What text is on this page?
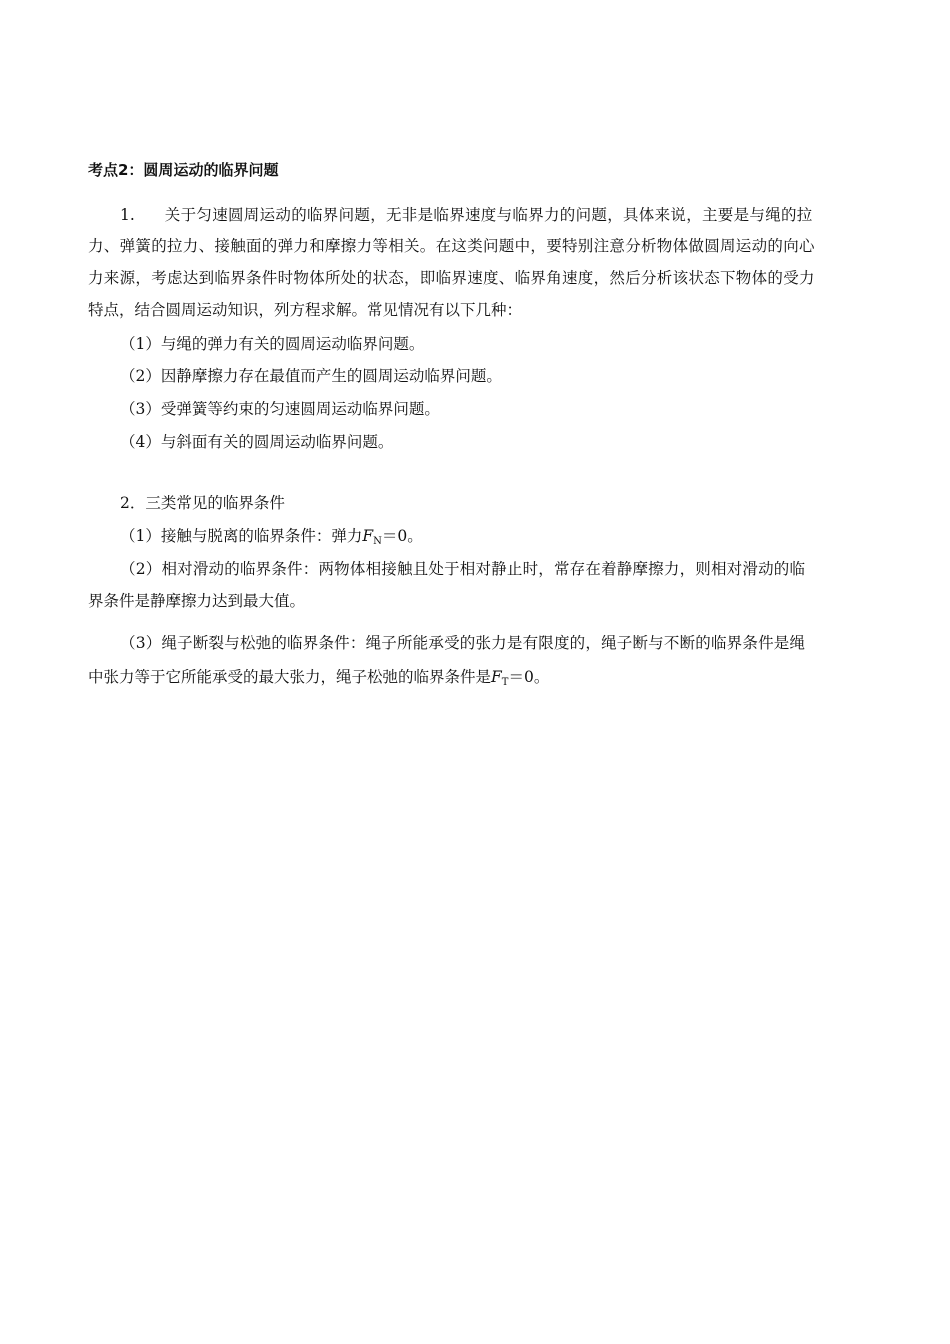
考点2：圆周运动的临界问题
1. 关于匀速圆周运动的临界问题，无非是临界速度与临界力的问题，具体来说，主要是与绳的拉
力、弹簧的拉力、接触面的弹力和摩擦力等相关。在这类问题中，要特别注意分析物体做圆周运动的向心
力来源，考虑达到临界条件时物体所处的状态，即临界速度、临界角速度，然后分析该状态下物体的受力
特点，结合圆周运动知识，列方程求解。常见情况有以下几种：
（1）与绳的弹力有关的圆周运动临界问题。
（2）因静摩擦力存在最值而产生的圆周运动临界问题。
（3）受弹簧等约束的匀速圆周运动临界问题。
（4）与斜面有关的圆周运动临界问题。
2．三类常见的临界条件
（1）接触与脱离的临界条件：弹力$F_N=0$。
（2）相对滑动的临界条件：两物体相接触且处于相对静止时，常存在着静摩擦力，则相对滑动的临
界条件是静摩擦力达到最大值。
（3）绳子断裂与松弛的临界条件：绳子所能承受的张力是有限度的，绳子断与不断的临界条件是绳
中张力等于它所能承受的最大张力，绳子松弛的临界条件是$F_T=0$。
